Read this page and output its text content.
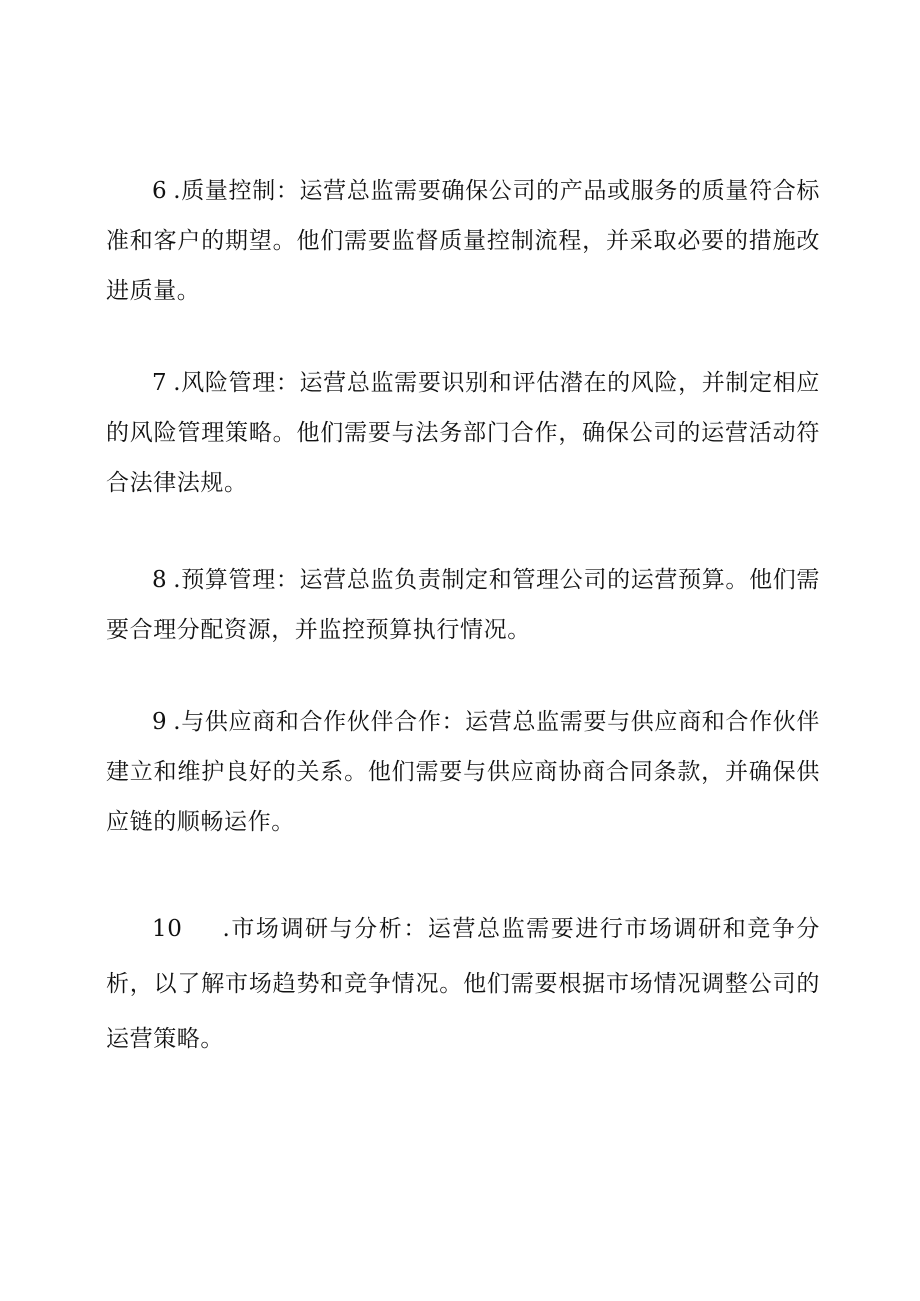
6 .质量控制：运营总监需要确保公司的产品或服务的质量符合标准和客户的期望。他们需要监督质量控制流程，并采取必要的措施改进质量。

7 .风险管理：运营总监需要识别和评估潜在的风险，并制定相应的风险管理策略。他们需要与法务部门合作，确保公司的运营活动符合法律法规。

8 .预算管理：运营总监负责制定和管理公司的运营预算。他们需要合理分配资源，并监控预算执行情况。

9 .与供应商和合作伙伴合作：运营总监需要与供应商和合作伙伴建立和维护良好的关系。他们需要与供应商协商合同条款，并确保供应链的顺畅运作。

10 .市场调研与分析：运营总监需要进行市场调研和竞争分析，以了解市场趋势和竞争情况。他们需要根据市场情况调整公司的运营策略。
